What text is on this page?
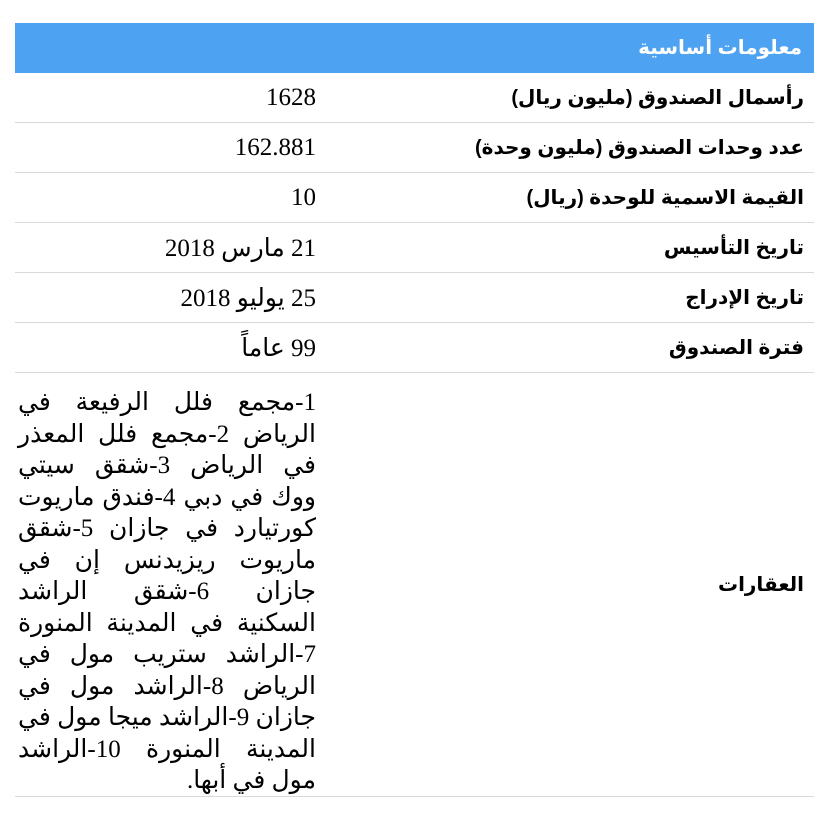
معلومات أساسية
رأسمال الصندوق (مليون ريال)
1628
عدد وحدات الصندوق (مليون وحدة)
162.881
القيمة الاسمية للوحدة (ريال)
10
تاريخ التأسيس
21 مارس 2018
تاريخ الإدراج
25 يوليو 2018
فترة الصندوق
99 عاماً
العقارات
1-مجمع فلل الرفيعة في الرياض 2-مجمع فلل المعذر في الرياض 3-شقق سيتي ووك في دبي 4-فندق ماريوت كورتيارد في جازان 5-شقق ماريوت ريزيدنس إن في جازان 6-شقق الراشد السكنية في المدينة المنورة 7-الراشد ستريب مول في الرياض 8-الراشد مول في جازان 9-الراشد ميجا مول في المدينة المنورة 10-الراشد مول في أبها.
